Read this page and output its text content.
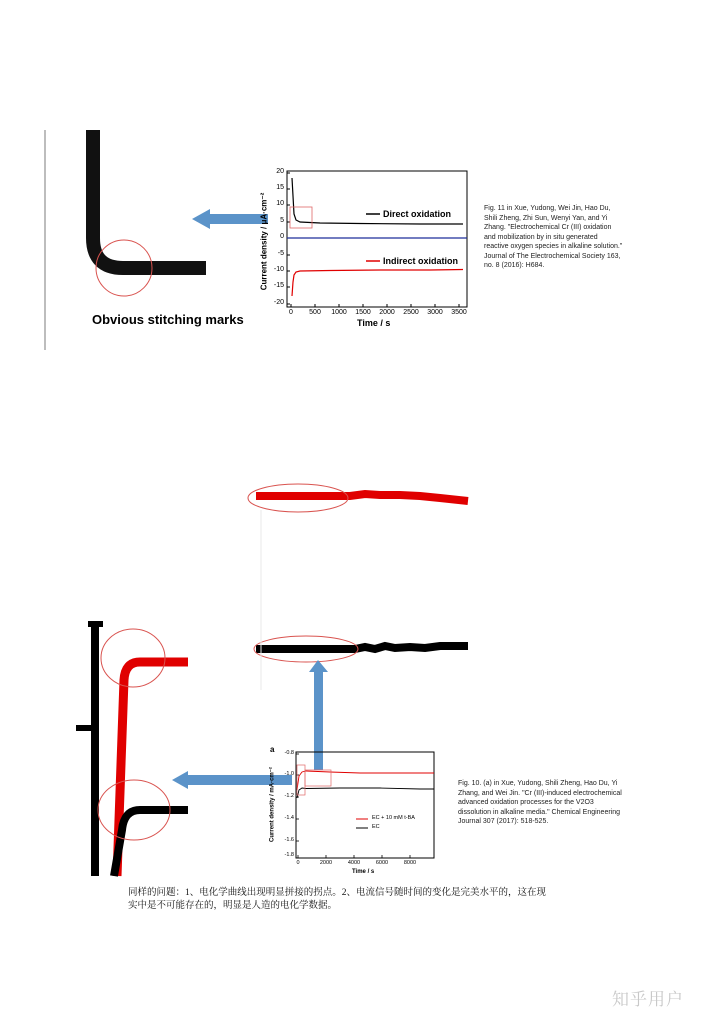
Obvious stitching marks
Direct oxidation
Indirect oxidation
20
15
10
5
0
-5
-10
-15
-20
0	500	1000	1500	2000	2500	3000	3500
Time / s
Current density / μA·cm⁻²	Fig. 11 in Xue, Yudong, Wei Jin, Hao Du, Shili Zheng, Zhi Sun, Wenyi Yan, and Yi Zhang. "Electrochemical Cr (III) oxidation and mobilization by in situ generated reactive oxygen species in alkaline solution." Journal of The Electrochemical Society 163, no. 8 (2016): H684.
a	-0.8
-1.0
-1.2
-1.4
-1.6
-1.8
0	2000	4000	6000	8000
Time / s
Current density / mA·cm⁻²	EC + 10 mM t-BA
EC
Fig. 10. (a) in Xue, Yudong, Shili Zheng, Hao Du, Yi Zhang, and Wei Jin. "Cr (III)-induced electrochemical advanced oxidation processes for the V2O3 dissolution in alkaline media." Chemical Engineering Journal 307 (2017): 518-525.
同样的问题：1、电化学曲线出现明显拼接的拐点。2、电流信号随时间的变化是完美水平的，这在现实中是不可能存在的，明显是人造的电化学数据。
知乎用户
